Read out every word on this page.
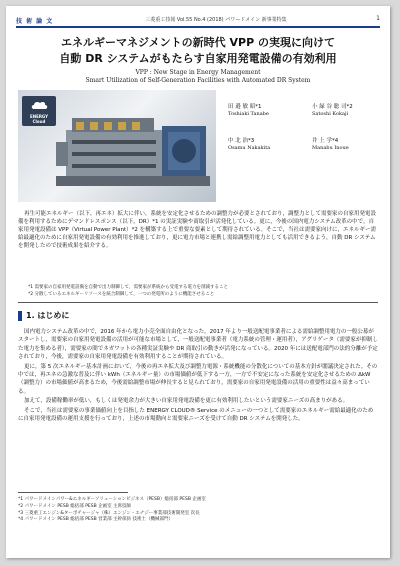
技 術 論 文	三菱重工技報 Vol.55 No.4 (2018) パワードメイン 新事業特集	1
エネルギーマネジメントの新時代 VPP の実現に向けて
自動 DR システムがもたらす自家用発電設備の有効利用
VPP : New Stage in Energy Management
Smart Utilization of Self-Generation Facilities with Automated DR System
ENERGY
Cloud
田 邉 敏 昭*1
Toshiaki Tanabe
小 緑 谷 聡 司*2
Satoshi Kokaji
中 北 治*3
Osamu Nakakita
井 上 学*4
Manabu Inoue

再生可能エネルギー（以下，再エネ）拡大に伴い，系統を安定化させるための調整力が必要とされており，調整力として需要家の自家用発電設備を利用するためにデマンドレスポンス（以下，DR）*1 の実証実験や商取引が活発化している。更に，今後の国内電力システム改革の中で，自家用発電設備は VPP（Virtual Power Plant）*2 を構築する上で重要な要素として期待されている。そこで，当社は需要家向けに，エネルギー需給最適化のために自家用発電設備の有効利用を推進しており，更に電力市場と連携し需給調整用電力としても活用できるよう，自動 DR システムを開発したので技術成果を紹介する。

*1 需要家の自家用発電設備を自動で出力制御して，需要家が系統から受電する電力を削減すること
*2 分散しているエネルギーリソースを統合制御して，一つの発電所のように機能させること
1. はじめに

国内電力システム改革の中で，2016 年から電力小売全面自由化となった。2017 年より一般送配電事業者による需給調整用電力の一般公募がスタートし，需要家の自家用発電設備の活用が可能な市場として，一般送配電事業者（電力系統の管理・運用者），アグリゲータ（需要家が抑制した電力を集める者），需要家の間でネガワットの各種実証実験や DR 商取引の動きが活発になっている。2020 年には送配電部門の法的分離が予定されており，今後，需要家の自家用発電設備を有効利用することが期待されている。

更に，第 5 次エネルギー基本計画において，今後の再エネ拡大及び調整力電源・系統機能の分散化についての基本方針が閣議決定された。その中では，再エネの急激な普及に伴い kWh（エネルギー量）の市場価値が低下する一方，一方で不安定になった系統を安定化させるための ΔkW（調整力）の市場価値が高まるため，今後需給調整市場が伸長すると見られており，需要家の自家用発電設備の活用の重要性は益々高まっている。

加えて，設備稼働率が低い，もしくは発電余力が大きい自家用発電設備を更に有効利用したいという需要家ニーズの高まりがある。

そこで，当社は需要家の事業価値向上を目指した ENERGY CLOUD® Service のメニューの一つとして需要家のエネルギー需給最適化のために自家用発電設備の運用支援を行っており，上述の市場動向と需要家ニーズを受けて自動 DR システムを開発した。

*1 パワードメインパワー&エネルギーソリューションビジネス（PESB）総括部 PESB 企画室
*2 パワードメイン PESB 総括部 PESB 企画室 主席技師
*3 三菱重工エンジン&ターボチャージャ（株）エンジン・エナジー事業部技術開発室 次長
*4 パワードメイン PESB 総括部 PESB 営業部 主幹部員 技術士（機械部門）
